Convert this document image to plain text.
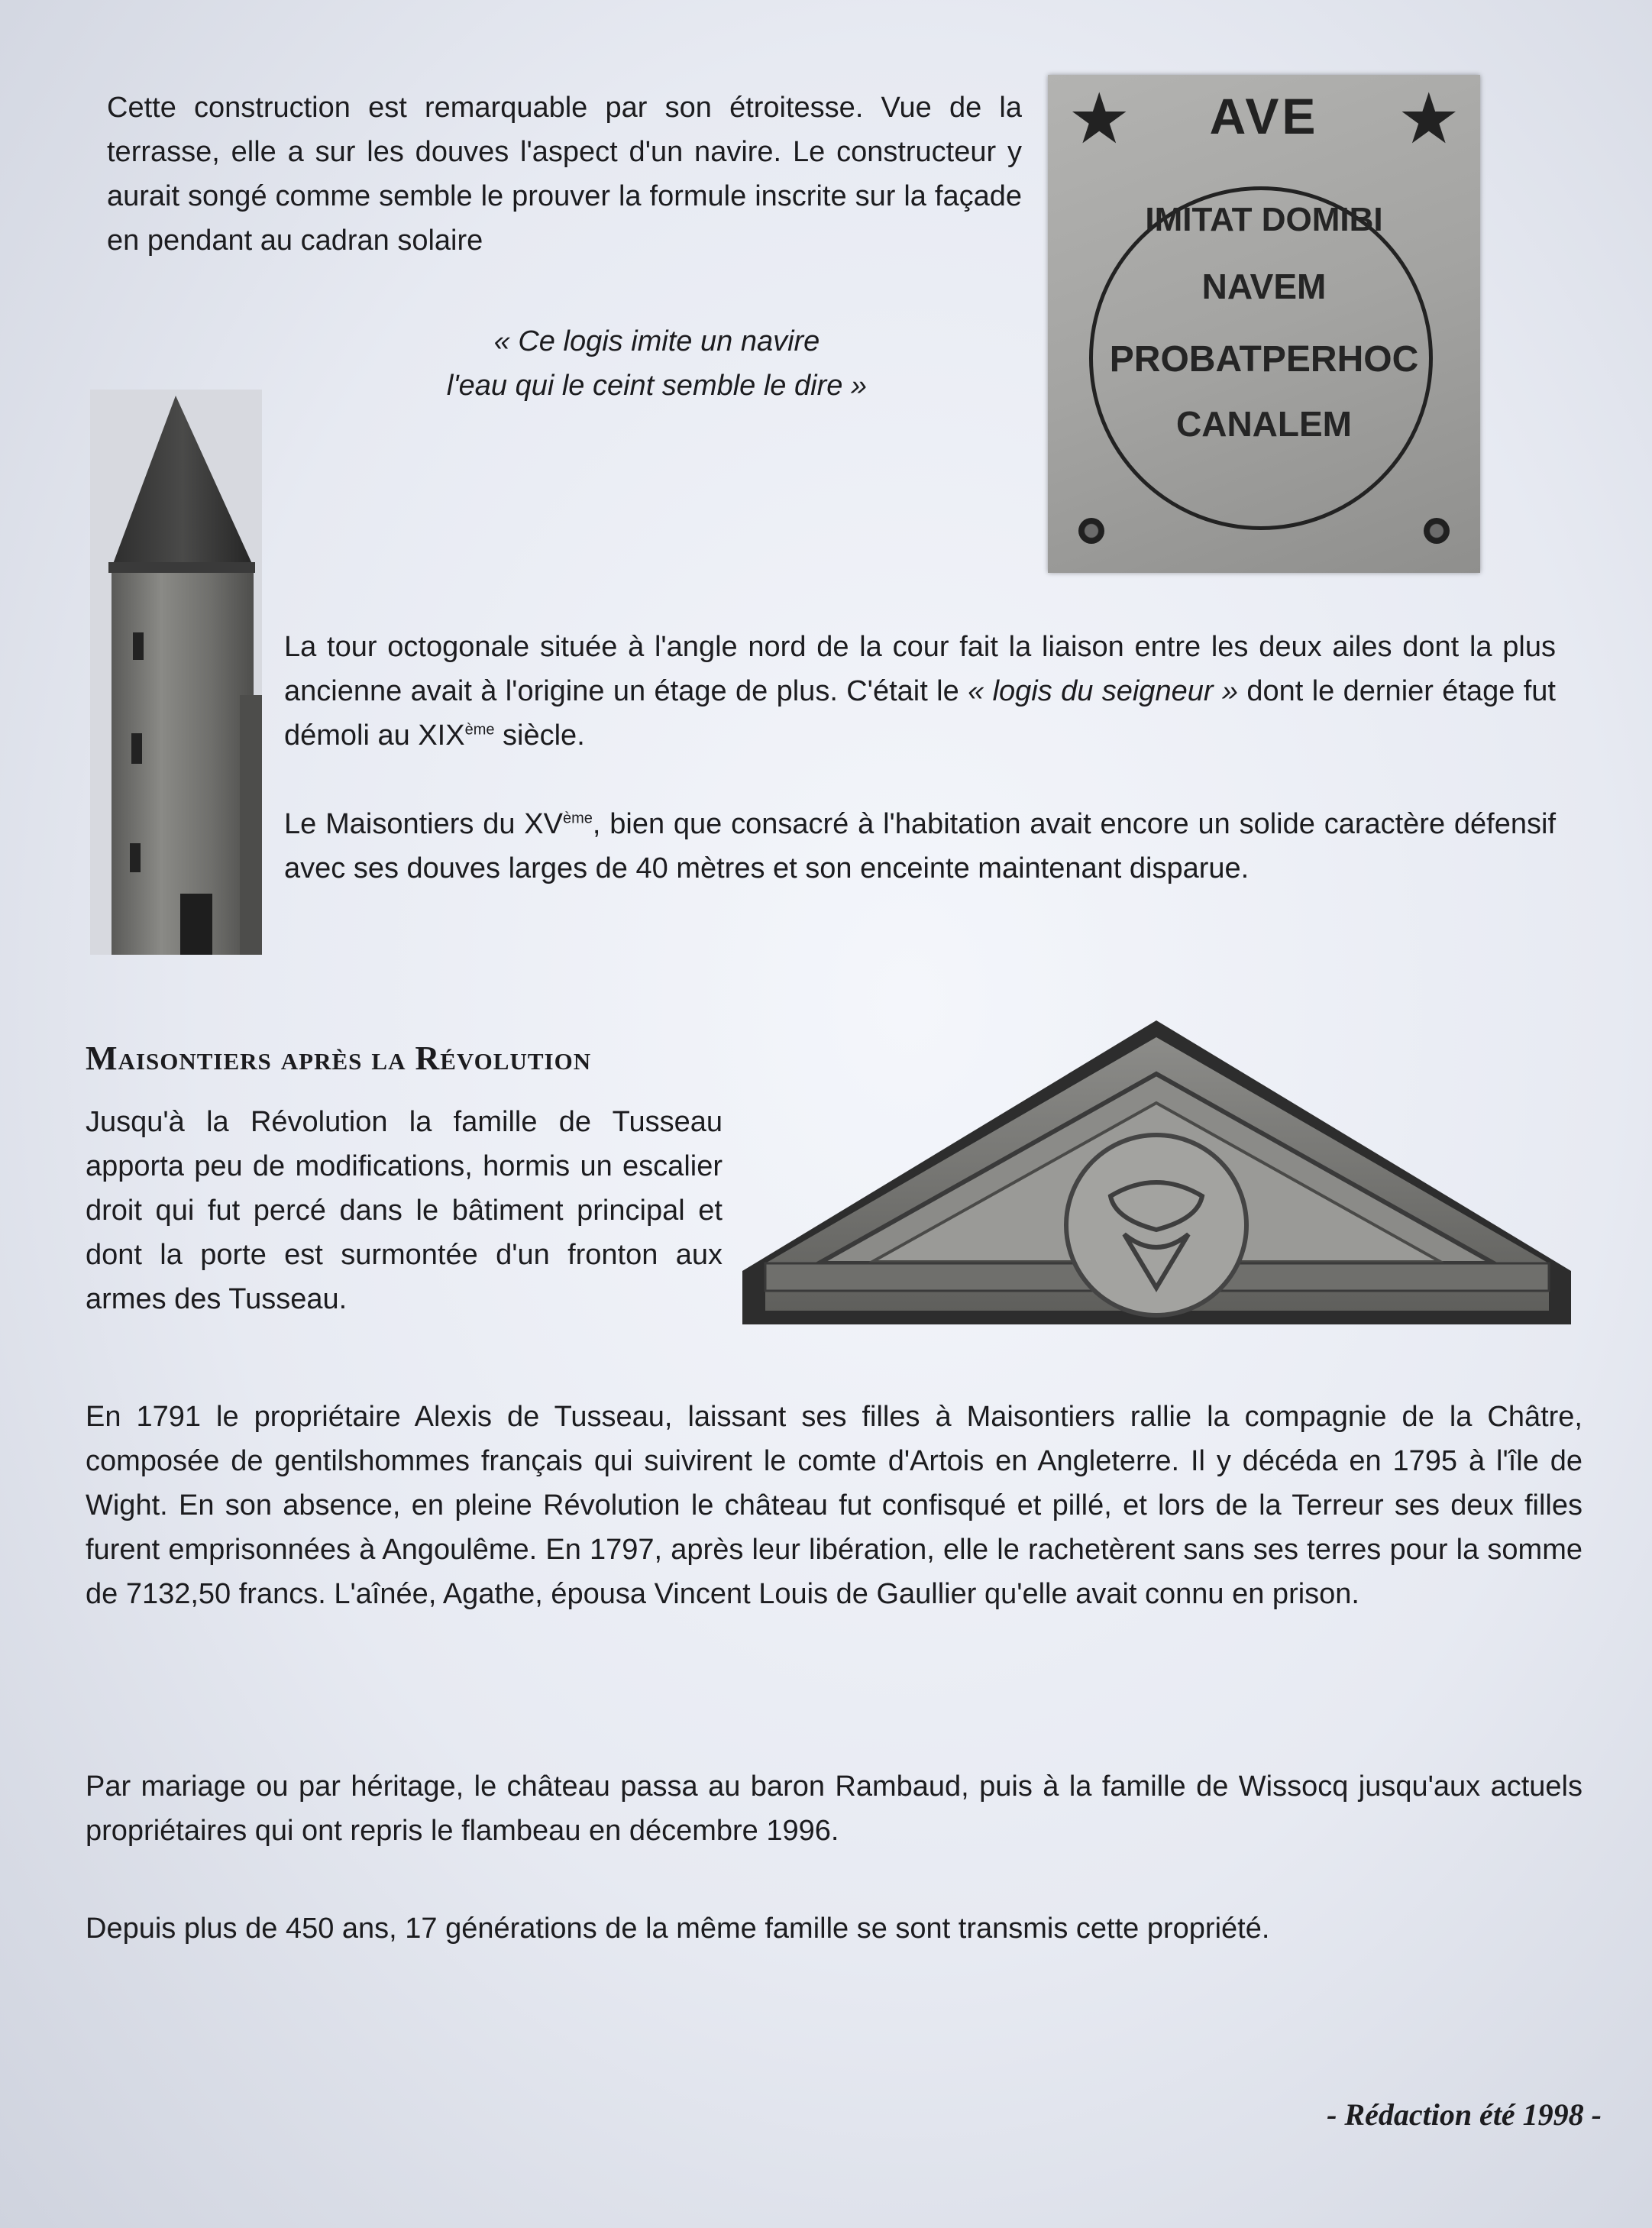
Cette construction est remarquable par son étroitesse. Vue de la terrasse, elle a sur les douves l'aspect d'un navire. Le constructeur y aurait songé comme semble le prouver la formule inscrite sur la façade en pendant au cadran solaire

★	★
AVE
IMITAT DOMIBI
NAVEM
PROBATPERHOC
CANALEM
« Ce logis imite un navire
l'eau qui le ceint semble le dire »

La tour octogonale située à l'angle nord de la cour fait la liaison entre les deux ailes dont la plus ancienne avait à l'origine un étage de plus. C'était le « logis du seigneur » dont le dernier étage fut démoli au XIXème siècle.

Le Maisontiers du XVème, bien que consacré à l'habitation avait encore un solide caractère défensif avec ses douves larges de 40 mètres et son enceinte maintenant disparue.

Maisontiers après la Révolution

Jusqu'à la Révolution la famille de Tusseau apporta peu de modifications, hormis un escalier droit qui fut percé dans le bâtiment principal et dont la porte est surmontée d'un fronton aux armes des Tusseau.

En 1791 le propriétaire Alexis de Tusseau, laissant ses filles à Maisontiers rallie la compagnie de la Châtre, composée de gentilshommes français qui suivirent le comte d'Artois en Angleterre. Il y décéda en 1795 à l'île de Wight. En son absence, en pleine Révolution le château fut confisqué et pillé, et lors de la Terreur ses deux filles furent emprisonnées à Angoulême. En 1797, après leur libération, elle le rachetèrent sans ses terres pour la somme de 7132,50 francs. L'aînée, Agathe, épousa Vincent Louis de Gaullier qu'elle avait connu en prison.

Par mariage ou par héritage, le château passa au baron Rambaud, puis à la famille de Wissocq jusqu'aux actuels propriétaires qui ont repris le flambeau en décembre 1996.

Depuis plus de 450 ans, 17 générations de la même famille se sont transmis cette propriété.

- Rédaction été 1998 -
